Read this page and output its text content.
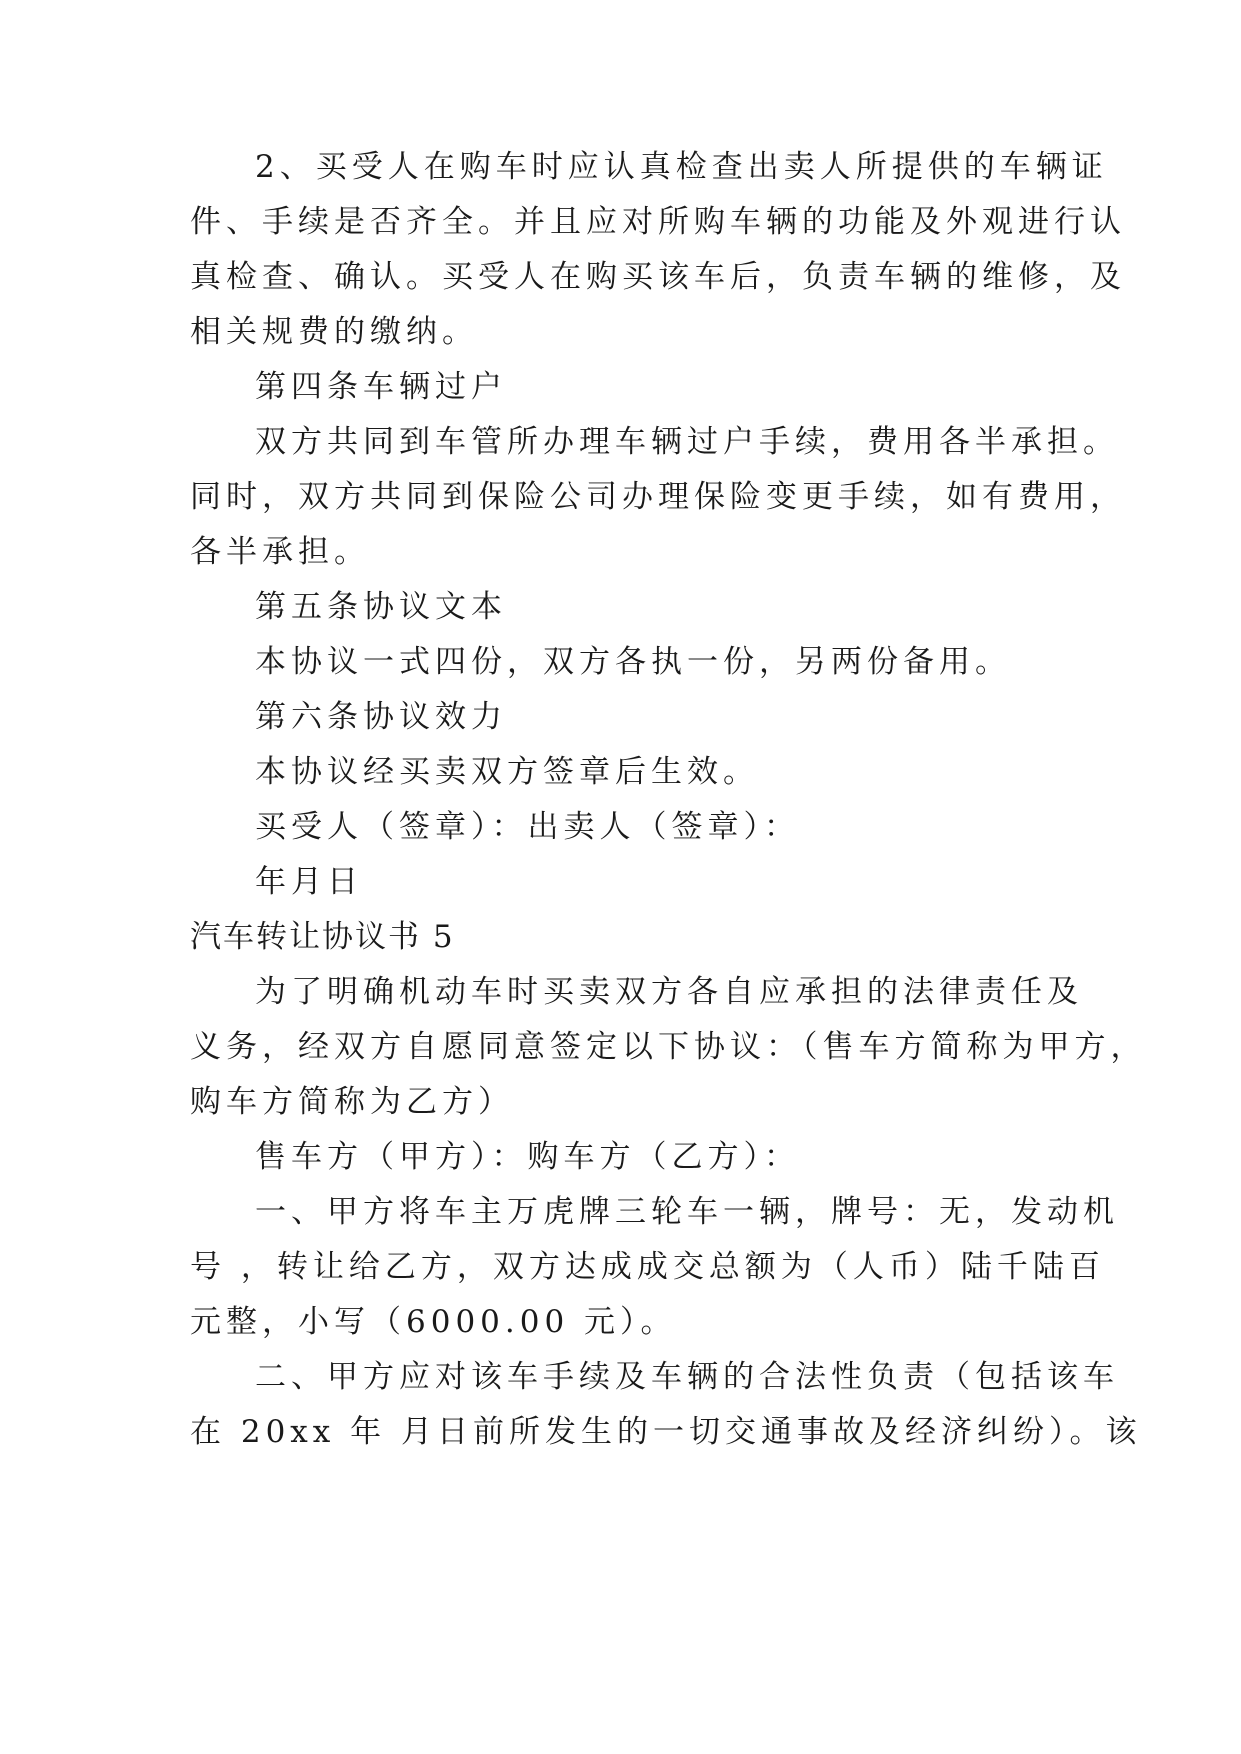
2、买受人在购车时应认真检查出卖人所提供的车辆证
件、手续是否齐全。并且应对所购车辆的功能及外观进行认
真检查、确认。买受人在购买该车后，负责车辆的维修，及
相关规费的缴纳。
第四条车辆过户
双方共同到车管所办理车辆过户手续，费用各半承担。
同时，双方共同到保险公司办理保险变更手续，如有费用，
各半承担。
第五条协议文本
本协议一式四份，双方各执一份，另两份备用。
第六条协议效力
本协议经买卖双方签章后生效。
买受人（签章）：出卖人（签章）：
年月日
汽车转让协议书 5
为了明确机动车时买卖双方各自应承担的法律责任及
义务，经双方自愿同意签定以下协议：（售车方简称为甲方，
购车方简称为乙方）
售车方（甲方）：购车方（乙方）：
一、甲方将车主万虎牌三轮车一辆，牌号：无，发动机
号 ，转让给乙方，双方达成成交总额为（人币）陆千陆百
元整，小写（6000.00 元）。
二、甲方应对该车手续及车辆的合法性负责（包括该车
在 20xx 年 月日前所发生的一切交通事故及经济纠纷）。该
